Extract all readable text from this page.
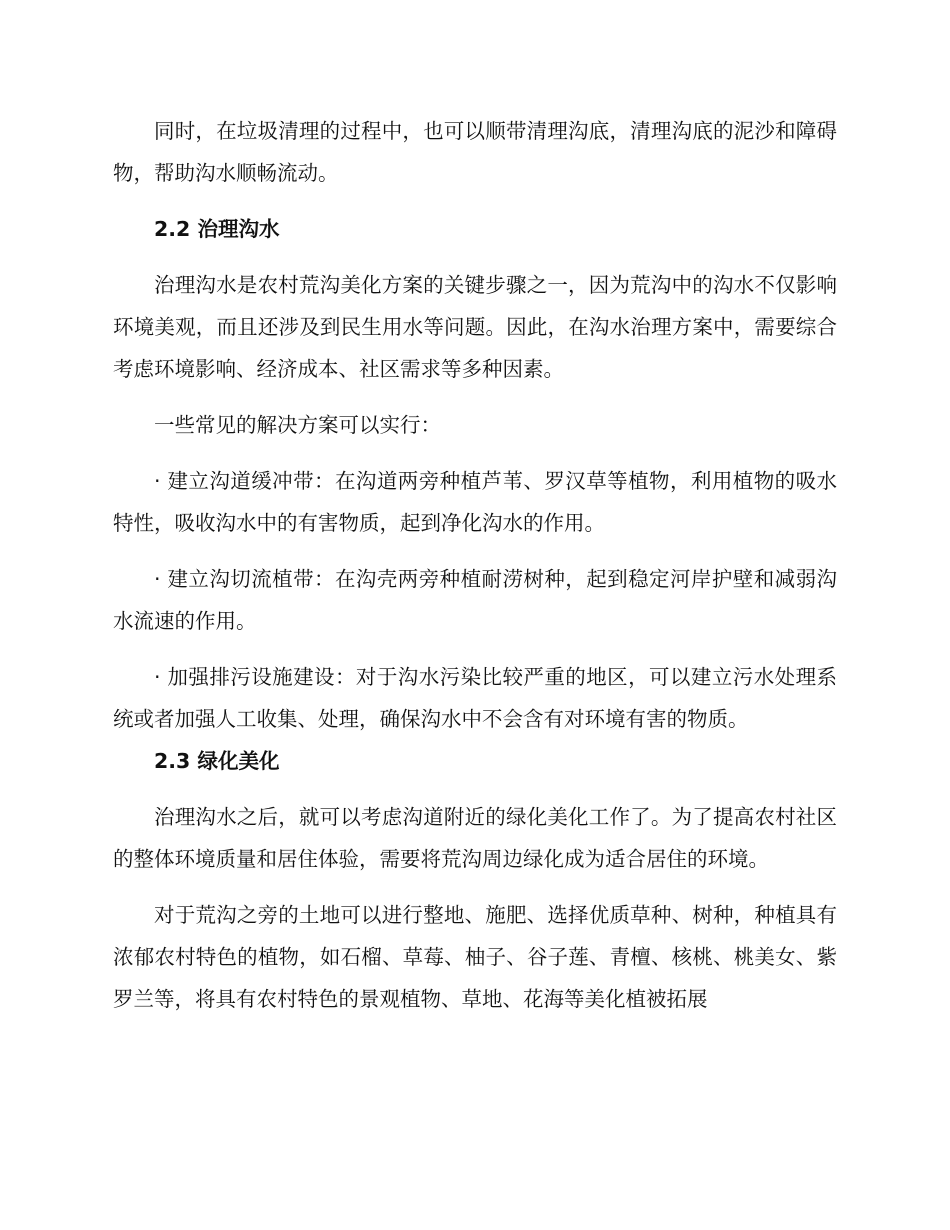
同时，在垃圾清理的过程中，也可以顺带清理沟底，清理沟底的泥沙和障碍物，帮助沟水顺畅流动。

2.2 治理沟水

治理沟水是农村荒沟美化方案的关键步骤之一，因为荒沟中的沟水不仅影响环境美观，而且还涉及到民生用水等问题。因此，在沟水治理方案中，需要综合考虑环境影响、经济成本、社区需求等多种因素。

一些常见的解决方案可以实行：

· 建立沟道缓冲带：在沟道两旁种植芦苇、罗汉草等植物，利用植物的吸水特性，吸收沟水中的有害物质，起到净化沟水的作用。

· 建立沟切流植带：在沟壳两旁种植耐涝树种，起到稳定河岸护壁和减弱沟水流速的作用。

· 加强排污设施建设：对于沟水污染比较严重的地区，可以建立污水处理系统或者加强人工收集、处理，确保沟水中不会含有对环境有害的物质。

2.3 绿化美化

治理沟水之后，就可以考虑沟道附近的绿化美化工作了。为了提高农村社区的整体环境质量和居住体验，需要将荒沟周边绿化成为适合居住的环境。

对于荒沟之旁的土地可以进行整地、施肥、选择优质草种、树种，种植具有浓郁农村特色的植物，如石榴、草莓、柚子、谷子莲、青檀、核桃、桃美女、紫罗兰等，将具有农村特色的景观植物、草地、花海等美化植被拓展
